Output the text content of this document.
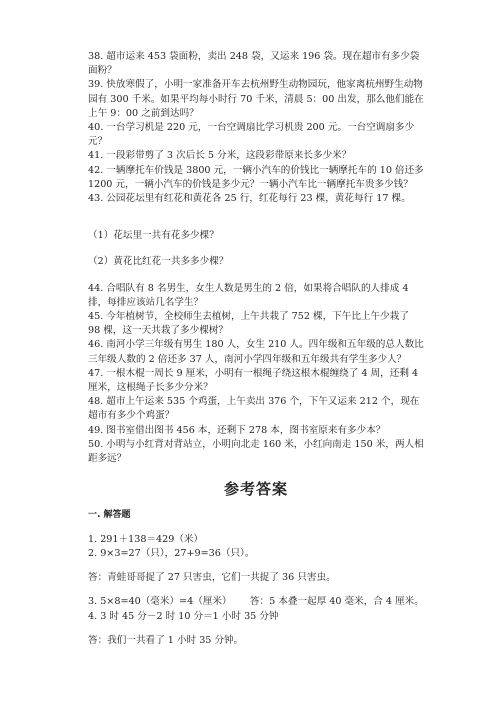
38. 超市运来 453 袋面粉，卖出 248 袋，又运来 196 袋。现在超市有多少袋面粉？

39. 快放寒假了，小明一家准备开车去杭州野生动物园玩，他家离杭州野生动物园有 300 千米。如果平均每小时行 70 千米，清晨 5：00 出发，那么他们能在上午 9：00 之前到达吗？

40. 一台学习机是 220 元，一台空调扇比学习机贵 200 元。一台空调扇多少元？

41. 一段彩带剪了 3 次后长 5 分米，这段彩带原来长多少米？

42. 一辆摩托车价钱是 3800 元，一辆小汽车的价钱比一辆摩托车的 10 倍还多 1200 元，一辆小汽车的价钱是多少元？一辆小汽车比一辆摩托车贵多少钱？

43. 公园花坛里有红花和黄花各 25 行，红花每行 23 棵，黄花每行 17 棵。

（1）花坛里一共有花多少棵？

（2）黄花比红花一共多多少棵？

44. 合唱队有 8 名男生，女生人数是男生的 2 倍，如果将合唱队的人排成 4 排，每排应该站几名学生？

45. 今年植树节，全校师生去植树，上午共栽了 752 棵，下午比上午少栽了 98 棵，这一天共栽了多少棵树？

46. 南河小学三年级有男生 180 人，女生 210 人。四年级和五年级的总人数比三年级人数的 2 倍还多 37 人，南河小学四年级和五年级共有学生多少人？

47. 一根木棍一周长 9 厘米，小明有一根绳子绕这根木棍缠绕了 4 周，还剩 4 厘米，这根绳子长多少分米？

48. 超市上午运来 535 个鸡蛋，上午卖出 376 个，下午又运来 212 个，现在超市有多少个鸡蛋？

49. 图书室借出图书 456 本，还剩下 278 本，图书室原来有多少本？

50. 小明与小红背对背站立，小明向北走 160 米，小红向南走 150 米，两人相距多远？

参考答案

一. 解答题

1. 291＋138＝429（米）

2. 9×3=27（只），27+9=36（只）。

答：青蛙哥哥捉了 27 只害虫，它们一共捉了 36 只害虫。

3. 5×8=40（毫米）=4（厘米）      答：5 本叠一起厚 40 毫米，合 4 厘米。

4. 3 时 45 分－2 时 10 分＝1 小时 35 分钟

答：我们一共看了 1 小时 35 分钟。
